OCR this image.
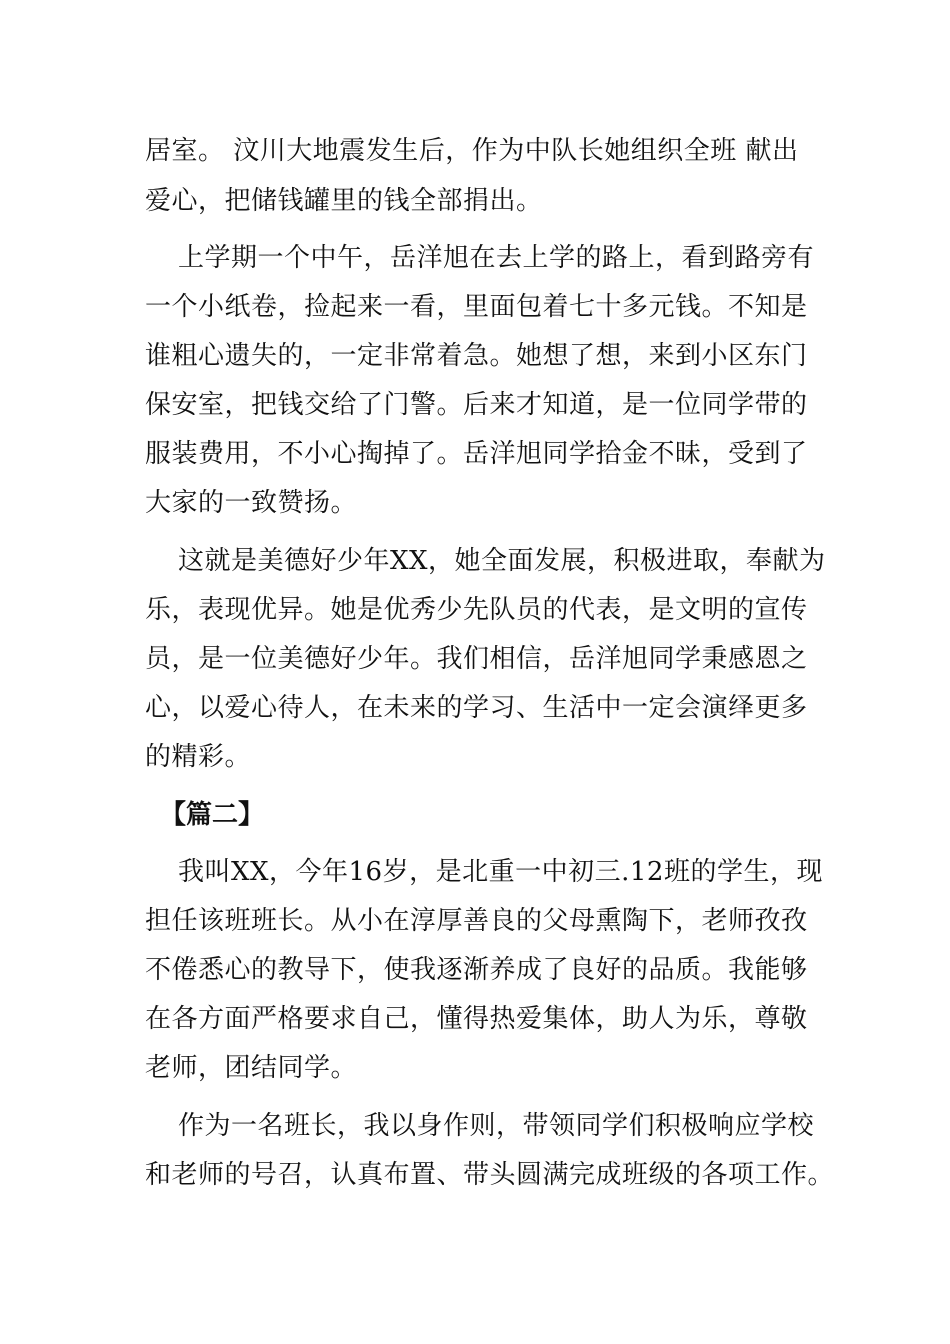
居室。 汶川大地震发生后，作为中队长她组织全班 献出
爱心，把储钱罐里的钱全部捐出。
上学期一个中午，岳洋旭在去上学的路上，看到路旁有
一个小纸卷，捡起来一看，里面包着七十多元钱。不知是
谁粗心遗失的，一定非常着急。她想了想，来到小区东门
保安室，把钱交给了门警。后来才知道，是一位同学带的
服装费用，不小心掏掉了。岳洋旭同学拾金不昧，受到了
大家的一致赞扬。
这就是美德好少年XX，她全面发展，积极进取，奉献为
乐，表现优异。她是优秀少先队员的代表，是文明的宣传
员，是一位美德好少年。我们相信，岳洋旭同学秉感恩之
心，以爱心待人，在未来的学习、生活中一定会演绎更多
的精彩。
【篇二】
我叫XX，今年16岁，是北重一中初三.12班的学生，现
担任该班班长。从小在淳厚善良的父母熏陶下，老师孜孜
不倦悉心的教导下，使我逐渐养成了良好的品质。我能够
在各方面严格要求自己，懂得热爱集体，助人为乐，尊敬
老师，团结同学。
作为一名班长，我以身作则，带领同学们积极响应学校
和老师的号召，认真布置、带头圆满完成班级的各项工作。
